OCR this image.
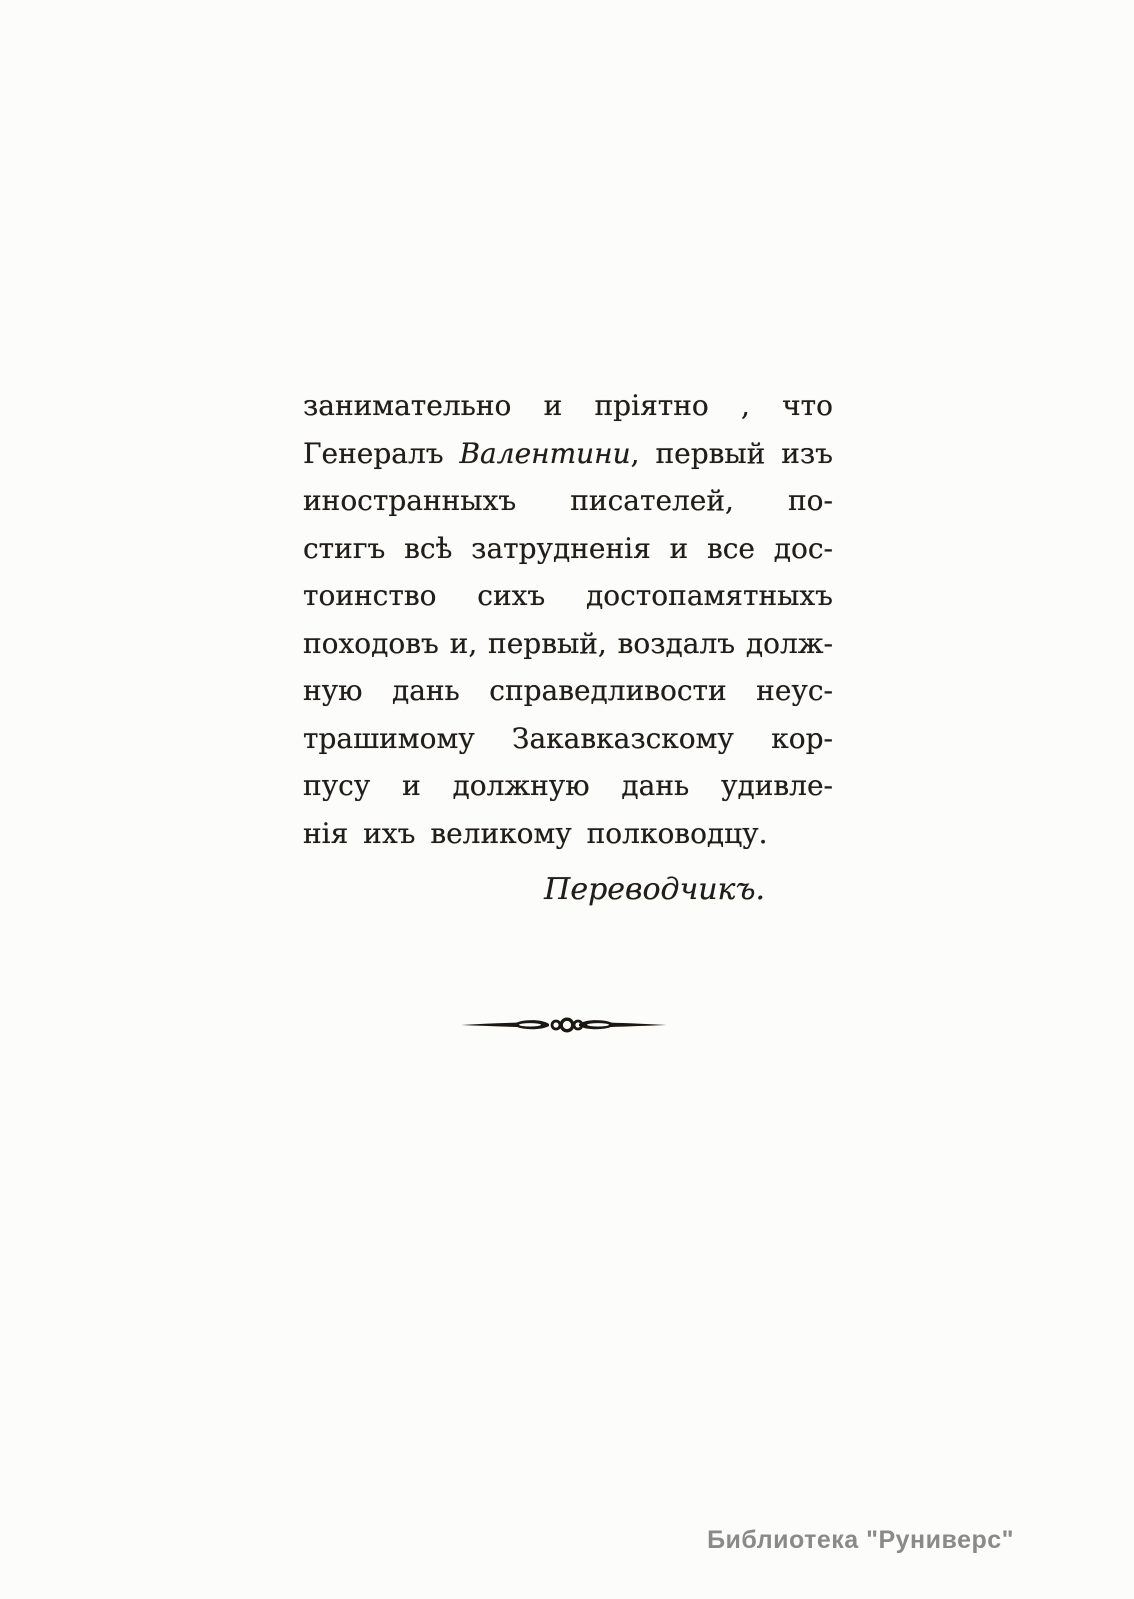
занимательно и пріятно , что
Генералъ Валентини, первый изъ
иностранныхъ писателей, по-
стигъ всѣ затрудненія и все дос-
тоинство сихъ достопамятныхъ
походовъ и, первый, воздалъ долж-
ную дань справедливости неус-
трашимому Закавказскому кор-
пусу и должную дань удивле-
нія ихъ великому полководцу.
Переводчикъ.
Библиотека "Руниверс"
